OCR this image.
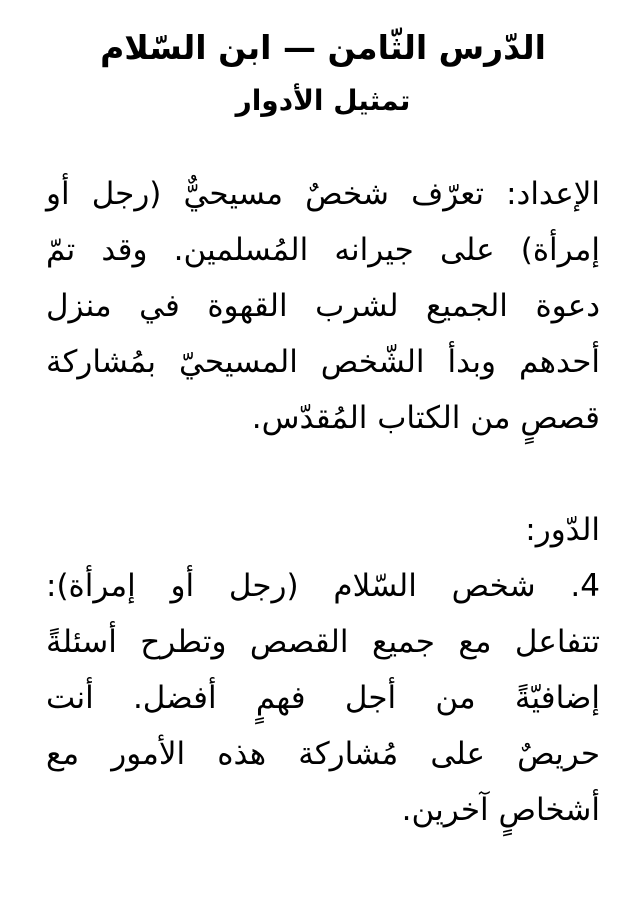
الدّرس الثّامن — ابن السّلام
تمثيل الأدوار

الإعداد: تعرّف شخصٌ مسيحيٌّ (رجل أو
إمرأة) على جيرانه المُسلمين. وقد تمّ
دعوة الجميع لشرب القهوة في منزل
أحدهم وبدأ الشّخص المسيحيّ بمُشاركة
قصصٍ من الكتاب المُقدّس.

الدّور:

4. شخص السّلام (رجل أو إمرأة):
تتفاعل مع جميع القصص وتطرح أسئلةً
إضافيّةً من أجل فهمٍ أفضل. أنت
حريصٌ على مُشاركة هذه الأمور مع
أشخاصٍ آخرين.
